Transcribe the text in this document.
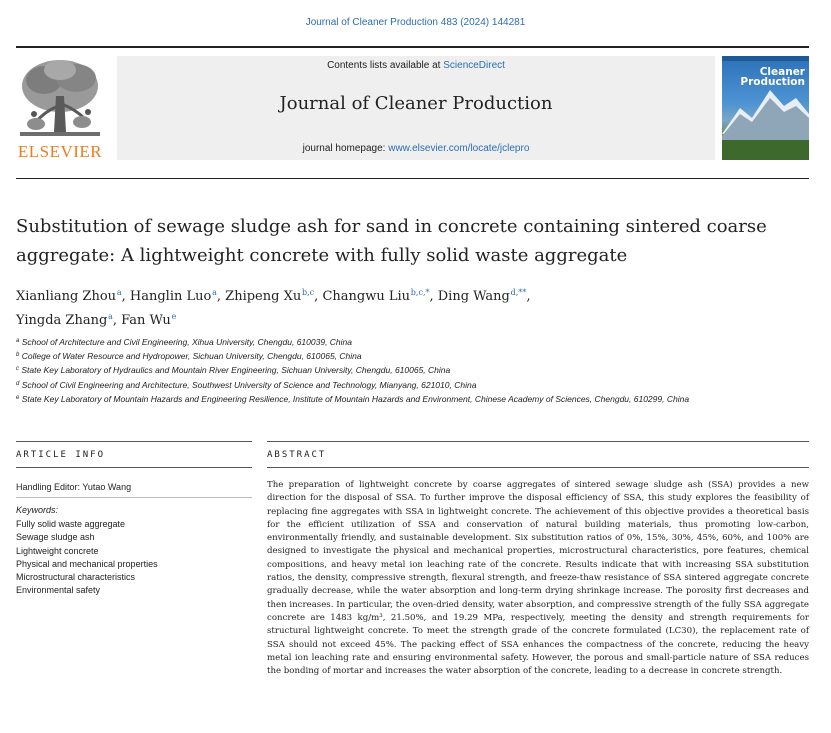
Journal of Cleaner Production 483 (2024) 144281
ELSEVIER
Contents lists available at ScienceDirect
Journal of Cleaner Production
journal homepage: www.elsevier.com/locate/jclepro
Cleaner
Production
Substitution of sewage sludge ash for sand in concrete containing sintered coarse aggregate: A lightweight concrete with fully solid waste aggregate
Xianliang Zhou $^a$, Hanglin Luo $^a$, Zhipeng Xu $^{b,c}$, Changwu Liu $^{b,c,*}$, Ding Wang $^{d,**}$,
Yingda Zhang $^a$, Fan Wu $^e$
$^a$ School of Architecture and Civil Engineering, Xihua University, Chengdu, 610039, China
$^b$ College of Water Resource and Hydropower, Sichuan University, Chengdu, 610065, China
$^c$ State Key Laboratory of Hydraulics and Mountain River Engineering, Sichuan University, Chengdu, 610065, China
$^d$ School of Civil Engineering and Architecture, Southwest University of Science and Technology, Mianyang, 621010, China
$^e$ State Key Laboratory of Mountain Hazards and Engineering Resilience, Institute of Mountain Hazards and Environment, Chinese Academy of Sciences, Chengdu, 610299, China
ARTICLE INFO
Handling Editor: Yutao Wang
Keywords:
Fully solid waste aggregate
Sewage sludge ash
Lightweight concrete
Physical and mechanical properties
Microstructural characteristics
Environmental safety
ABSTRACT
The preparation of lightweight concrete by coarse aggregates of sintered sewage sludge ash (SSA) provides a new direction for the disposal of SSA. To further improve the disposal efficiency of SSA, this study explores the feasibility of replacing fine aggregates with SSA in lightweight concrete. The achievement of this objective provides a theoretical basis for the efficient utilization of SSA and conservation of natural building materials, thus promoting low-carbon, environmentally friendly, and sustainable development. Six substitution ratios of 0%, 15%, 30%, 45%, 60%, and 100% are designed to investigate the physical and mechanical properties, microstructural characteristics, pore features, chemical compositions, and heavy metal ion leaching rate of the concrete. Results indicate that with increasing SSA substitution ratios, the density, compressive strength, flexural strength, and freeze-thaw resistance of SSA sintered aggregate concrete gradually decrease, while the water absorption and long-term drying shrinkage increase. The porosity first decreases and then increases. In particular, the oven-dried density, water absorption, and compressive strength of the fully SSA aggregate concrete are 1483 kg/m³, 21.50%, and 19.29 MPa, respectively, meeting the density and strength requirements for structural lightweight concrete. To meet the strength grade of the concrete formulated (LC30), the replacement rate of SSA should not exceed 45%. The packing effect of SSA enhances the compactness of the concrete, reducing the heavy metal ion leaching rate and ensuring environmental safety. However, the porous and small-particle nature of SSA reduces the bonding of mortar and increases the water absorption of the concrete, leading to a decrease in concrete strength.
